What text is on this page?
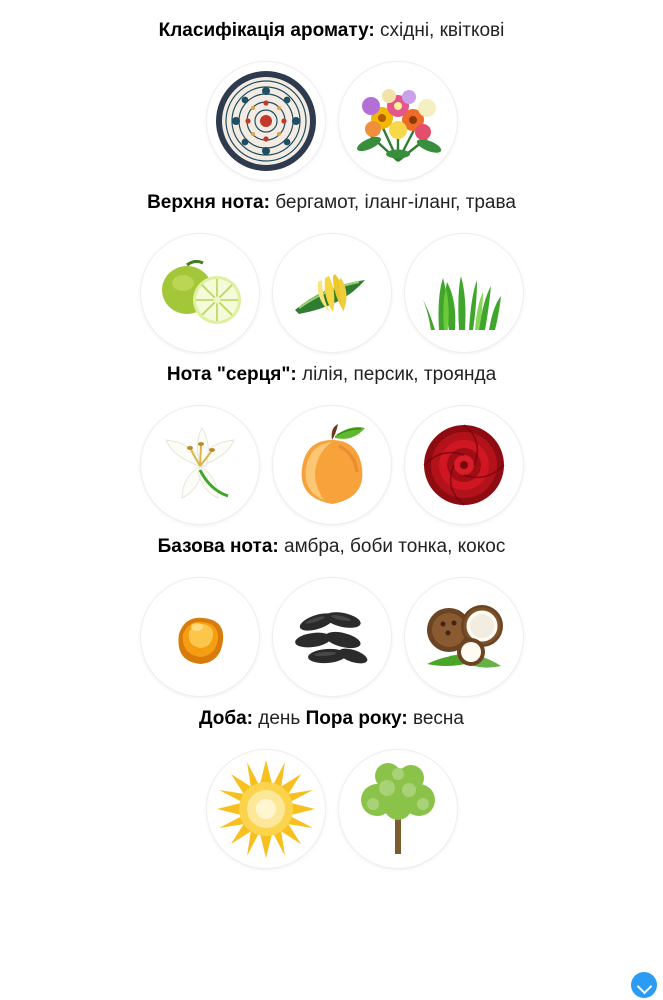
Класифікація аромату: східні, квіткові
Верхня нота: бергамот, іланг-іланг, трава
Нота "серця": лілія, персик, троянда
Базова нота: амбра, боби тонка, кокос
Доба: день Пора року: весна
